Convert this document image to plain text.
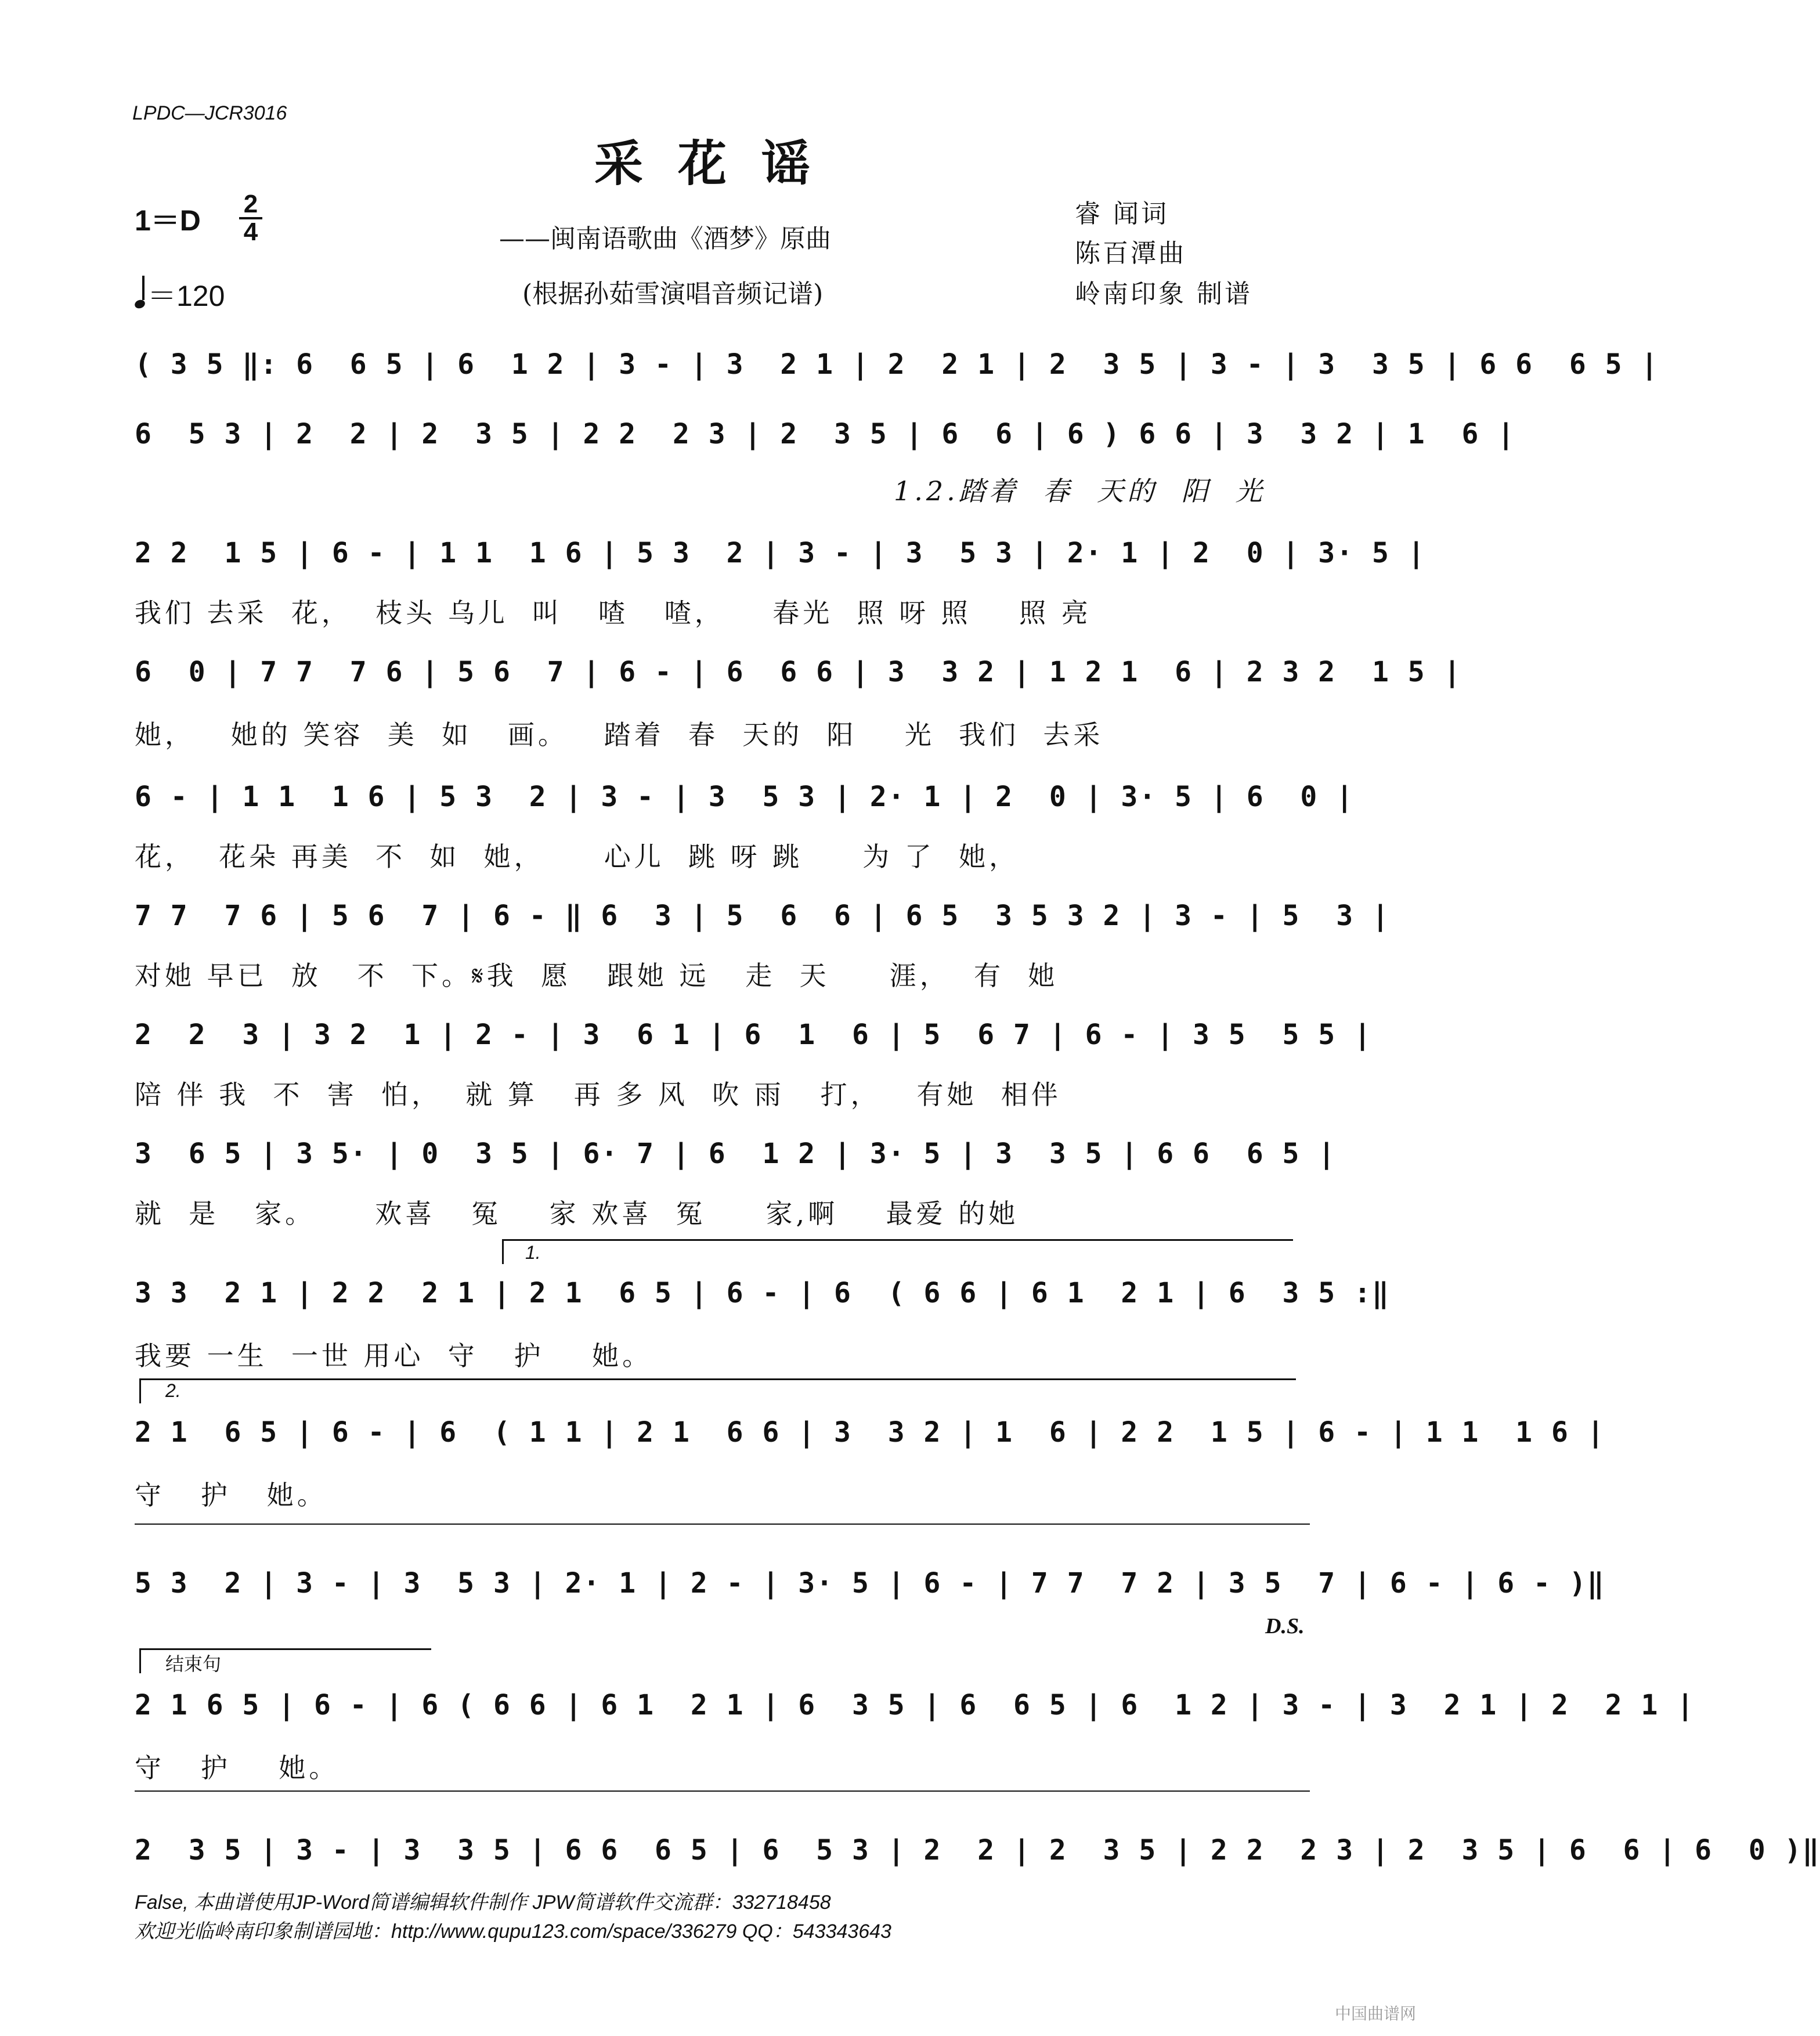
LPDC—JCR3016
采花谣
1＝D
2
4
＝120
——闽南语歌曲《酒梦》原曲
(根据孙茹雪演唱音频记谱)
睿 闻词
陈百潭曲
岭南印象 制谱
( 3 5 ‖: 6  6 5 | 6  1 2 | 3 - | 3  2 1 | 2  2 1 | 2  3 5 | 3 - | 3  3 5 | 6 6  6 5 |
6  5 3 | 2  2 | 2  3 5 | 2 2  2 3 | 2  3 5 | 6  6 | 6 ) 6 6 | 3  3 2 | 1  6 |
1.2.踏着  春  天的  阳  光
2 2  1 5 | 6 - | 1 1  1 6 | 5 3  2 | 3 - | 3  5 3 | 2· 1 | 2  0 | 3· 5 |
我们 去采  花，  枝头 乌儿  叫   喳   喳，    春光  照 呀 照    照 亮
6  0 | 7 7  7 6 | 5 6  7 | 6 - | 6  6 6 | 3  3 2 | 1 2 1  6 | 2 3 2  1 5 |
她，   她的 笑容  美  如   画。   踏着  春  天的  阳    光  我们  去采
6 - | 1 1  1 6 | 5 3  2 | 3 - | 3  5 3 | 2· 1 | 2  0 | 3· 5 | 6  0 |
花，  花朵 再美  不  如  她，     心儿  跳 呀 跳     为 了  她，
7 7  7 6 | 5 6  7 | 6 - ‖ 6  3 | 5  6  6 | 6 5  3 5 3 2 | 3 - | 5  3 |
对她 早已  放   不  下。𝄋我  愿   跟她 远   走  天     涯，  有  她
2  2  3 | 3 2  1 | 2 - | 3  6 1 | 6  1  6 | 5  6 7 | 6 - | 3 5  5 5 |
陪 伴 我  不  害  怕，  就 算   再 多 风  吹 雨   打，   有她  相伴
3  6 5 | 3 5· | 0  3 5 | 6· 7 | 6  1 2 | 3· 5 | 3  3 5 | 6 6  6 5 |
就  是   家。     欢喜   冤    家 欢喜  冤     家,啊    最爱 的她
1.
3 3  2 1 | 2 2  2 1 | 2 1  6 5 | 6 - | 6  ( 6 6 | 6 1  2 1 | 6  3 5 :‖
我要 一生  一世 用心  守   护    她。
2.
2 1  6 5 | 6 - | 6  ( 1 1 | 2 1  6 6 | 3  3 2 | 1  6 | 2 2  1 5 | 6 - | 1 1  1 6 |
守   护   她。
5 3  2 | 3 - | 3  5 3 | 2· 1 | 2 - | 3· 5 | 6 - | 7 7  7 2 | 3 5  7 | 6 - | 6 - )‖
D.S.
结束句
2 1 6 5 | 6 - | 6 ( 6 6 | 6 1  2 1 | 6  3 5 | 6  6 5 | 6  1 2 | 3 - | 3  2 1 | 2  2 1 |
守   护    她。
2  3 5 | 3 - | 3  3 5 | 6 6  6 5 | 6  5 3 | 2  2 | 2  3 5 | 2 2  2 3 | 2  3 5 | 6  6 | 6  0 )‖
False, 本曲谱使用JP-Word简谱编辑软件制作 JPW简谱软件交流群：332718458
欢迎光临岭南印象制谱园地：http://www.qupu123.com/space/336279 QQ：543343643
中国曲谱网
